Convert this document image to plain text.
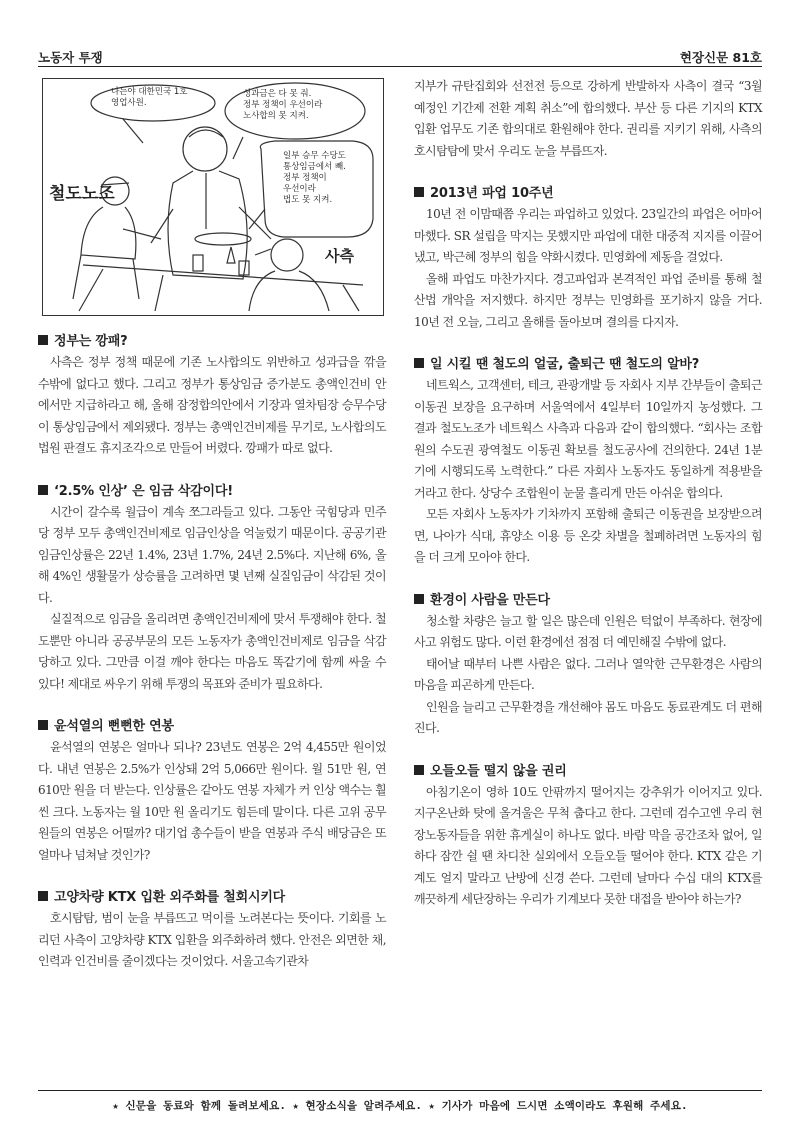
노동자 투쟁	현장신문 81호
나는야 대한민국 1호
영업사원.
성과금은 다 못 줘.
정부 정책이 우선이라
노사합의 못 지켜.
일부 승무 수당도
통상임금에서 빼.
정부 정책이
우선이라
법도 못 지켜.
철도노조
사측
정부는 깡패?

사측은 정부 정책 때문에 기존 노사합의도 위반하고 성과급을 깎을 수밖에 없다고 했다. 그리고 정부가 통상임금 증가분도 총액인건비 안에서만 지급하라고 해, 올해 잠정합의안에서 기장과 열차팀장 승무수당이 통상임금에서 제외됐다. 정부는 총액인건비제를 무기로, 노사합의도 법원 판결도 휴지조각으로 만들어 버렸다. 깡패가 따로 없다.

‘2.5% 인상’ 은 임금 삭감이다!

시간이 갈수록 월급이 계속 쪼그라들고 있다. 그동안 국힘당과 민주당 정부 모두 총액인건비제로 임금인상을 억눌렀기 때문이다. 공공기관 임금인상률은 22년 1.4%, 23년 1.7%, 24년 2.5%다. 지난해 6%, 올해 4%인 생활물가 상승률을 고려하면 몇 년째 실질임금이 삭감된 것이다.

실질적으로 임금을 올리려면 총액인건비제에 맞서 투쟁해야 한다. 철도뿐만 아니라 공공부문의 모든 노동자가 총액인건비제로 임금을 삭감당하고 있다. 그만큼 이걸 깨야 한다는 마음도 똑같기에 함께 싸울 수 있다! 제대로 싸우기 위해 투쟁의 목표와 준비가 필요하다.

윤석열의 뻔뻔한 연봉

윤석열의 연봉은 얼마나 되나? 23년도 연봉은 2억 4,455만 원이었다. 내년 연봉은 2.5%가 인상돼 2억 5,066만 원이다. 월 51만 원, 연 610만 원을 더 받는다. 인상률은 같아도 연봉 자체가 커 인상 액수는 훨씬 크다. 노동자는 월 10만 원 올리기도 힘든데 말이다. 다른 고위 공무원들의 연봉은 어떨까? 대기업 총수들이 받을 연봉과 주식 배당금은 또 얼마나 넘쳐날 것인가?

고양차량 KTX 입환 외주화를 철회시키다

호시탐탐, 범이 눈을 부릅뜨고 먹이를 노려본다는 뜻이다. 기회를 노리던 사측이 고양차량 KTX 입환을 외주화하려 했다. 안전은 외면한 채, 인력과 인건비를 줄이겠다는 것이었다. 서울고속기관차

지부가 규탄집회와 선전전 등으로 강하게 반발하자 사측이 결국 “3월 예정인 기간제 전환 계획 취소”에 합의했다. 부산 등 다른 기지의 KTX 입환 업무도 기존 합의대로 환원해야 한다. 권리를 지키기 위해, 사측의 호시탐탐에 맞서 우리도 눈을 부릅뜨자.

2013년 파업 10주년

10년 전 이맘때쯤 우리는 파업하고 있었다. 23일간의 파업은 어마어마했다. SR 설립을 막지는 못했지만 파업에 대한 대중적 지지를 이끌어냈고, 박근혜 정부의 힘을 약화시켰다. 민영화에 제동을 걸었다.

올해 파업도 마찬가지다. 경고파업과 본격적인 파업 준비를 통해 철산법 개악을 저지했다. 하지만 정부는 민영화를 포기하지 않을 거다. 10년 전 오늘, 그리고 올해를 돌아보며 결의를 다지자.

일 시킬 땐 철도의 얼굴, 출퇴근 땐 철도의 알바?

네트웍스, 고객센터, 테크, 관광개발 등 자회사 지부 간부들이 출퇴근 이동권 보장을 요구하며 서울역에서 4일부터 10일까지 농성했다. 그 결과 철도노조가 네트웍스 사측과 다음과 같이 합의했다. “회사는 조합원의 수도권 광역철도 이동권 확보를 철도공사에 건의한다. 24년 1분기에 시행되도록 노력한다.” 다른 자회사 노동자도 동일하게 적용받을 거라고 한다. 상당수 조합원이 눈물 흘리게 만든 아쉬운 합의다.

모든 자회사 노동자가 기차까지 포함해 출퇴근 이동권을 보장받으려면, 나아가 식대, 휴양소 이용 등 온갖 차별을 철폐하려면 노동자의 힘을 더 크게 모아야 한다.

환경이 사람을 만든다

청소할 차량은 늘고 할 일은 많은데 인원은 턱없이 부족하다. 현장에 사고 위험도 많다. 이런 환경에선 점점 더 예민해질 수밖에 없다.

태어날 때부터 나쁜 사람은 없다. 그러나 열악한 근무환경은 사람의 마음을 피곤하게 만든다.

인원을 늘리고 근무환경을 개선해야 몸도 마음도 동료관계도 더 편해진다.

오들오들 떨지 않을 권리

아침기온이 영하 10도 안팎까지 떨어지는 강추위가 이어지고 있다. 지구온난화 탓에 올겨울은 무척 춥다고 한다. 그런데 검수고엔 우리 현장노동자들을 위한 휴게실이 하나도 없다. 바람 막을 공간조차 없어, 일하다 잠깐 쉴 땐 차디찬 실외에서 오들오들 떨어야 한다. KTX 같은 기계도 얼지 말라고 난방에 신경 쓴다. 그런데 날마다 수십 대의 KTX를 깨끗하게 세단장하는 우리가 기계보다 못한 대접을 받아야 하는가?

★ 신문을 동료와 함께 돌려보세요. ★ 현장소식을 알려주세요. ★ 기사가 마음에 드시면 소액이라도 후원해 주세요.
